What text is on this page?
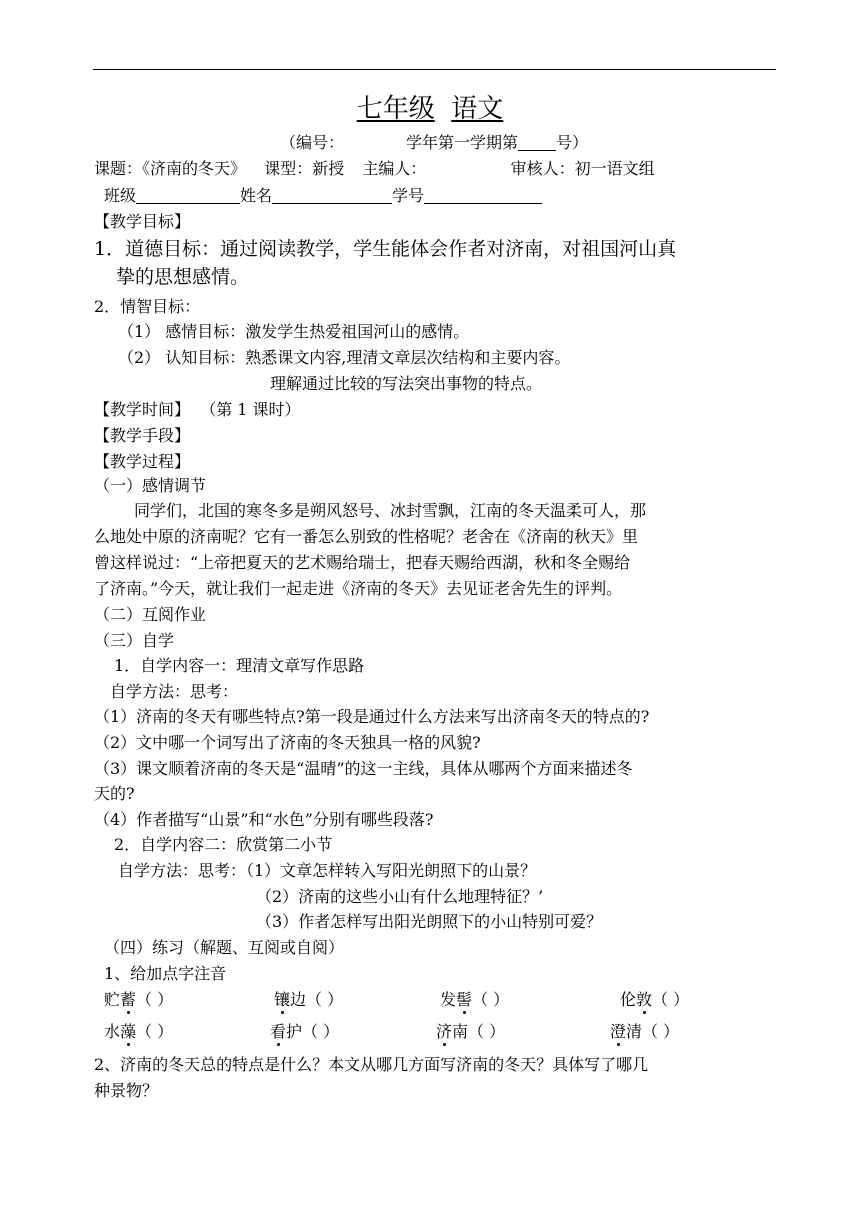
七年级 语文
（编号：	学年第一学期第 号）
课题：《济南的冬天》 课型：新授 主编人：	审核人：初一语文组
班级	姓名	学号
【教学目标】
1．道德目标：通过阅读教学，学生能体会作者对济南，对祖国河山真
挚的思想感情。
2．情智目标：
（1） 感情目标：激发学生热爱祖国河山的感情。
（2） 认知目标：熟悉课文内容,理清文章层次结构和主要内容。
理解通过比较的写法突出事物的特点。
【教学时间】 （第 1 课时）
【教学手段】
【教学过程】
（一）感情调节
同学们，北国的寒冬多是朔风怒号、冰封雪飘，江南的冬天温柔可人，那
么地处中原的济南呢？它有一番怎么别致的性格呢？老舍在《济南的秋天》里
曾这样说过：“上帝把夏天的艺术赐给瑞士，把春天赐给西湖，秋和冬全赐给
了济南。”今天，就让我们一起走进《济南的冬天》去见证老舍先生的评判。
（二）互阅作业
（三）自学
1．自学内容一：理清文章写作思路
自学方法：思考：
（1）济南的冬天有哪些特点?第一段是通过什么方法来写出济南冬天的特点的?
（2）文中哪一个词写出了济南的冬天独具一格的风貌?
（3）课文顺着济南的冬天是“温晴”的这一主线，具体从哪两个方面来描述冬
天的?
（4）作者描写“山景”和“水色”分别有哪些段落?
2．自学内容二：欣赏第二小节
自学方法：思考：（1）文章怎样转入写阳光朗照下的山景？
（2）济南的这些小山有什么地理特征？’
（3）作者怎样写出阳光朗照下的小山特别可爱？
（四）练习（解题、互阅或自阅）
1、给加点字注音
贮蓄（ ）	镶边（ ）	发髻（ ）	伦敦（ ）
水藻（ ）	看护（ ）	济南（ ）	澄清（ ）
2、济南的冬天总的特点是什么？本文从哪几方面写济南的冬天？具体写了哪几
种景物？
